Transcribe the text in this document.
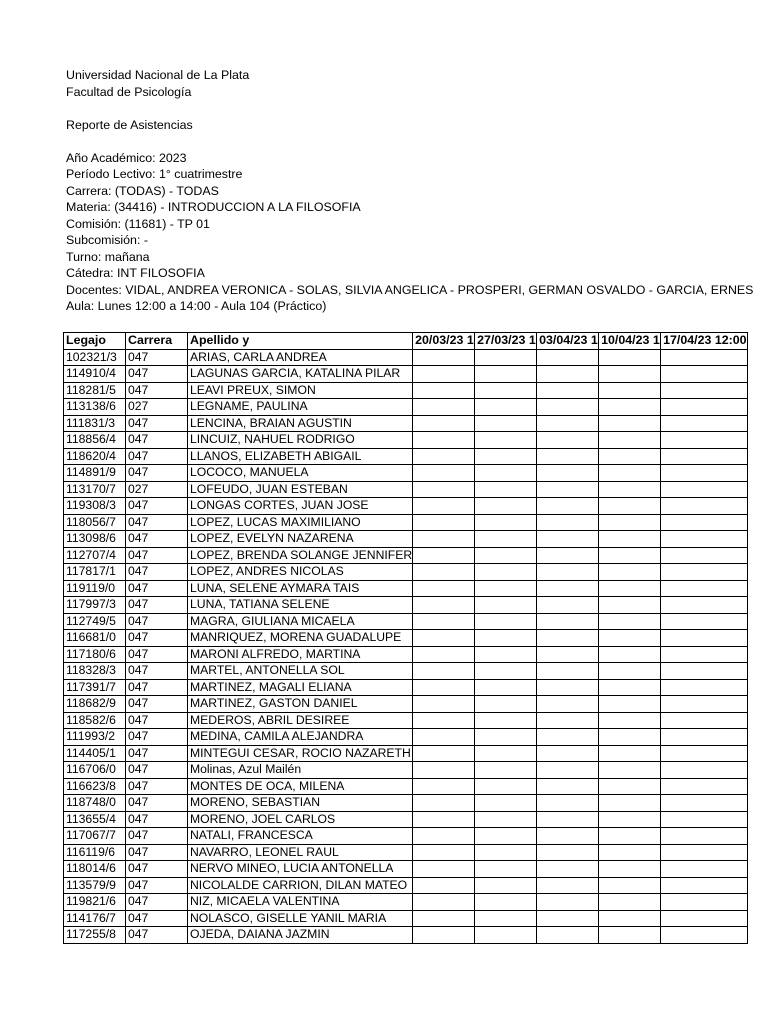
Universidad Nacional de La Plata
Facultad de Psicología
Reporte de Asistencias
Año Académico: 2023
Período Lectivo: 1° cuatrimestre
Carrera: (TODAS) - TODAS
Materia: (34416) - INTRODUCCION A LA FILOSOFIA
Comisión: (11681) - TP 01
Subcomisión: -
Turno: mañana
Cátedra: INT FILOSOFIA
Docentes: VIDAL, ANDREA VERONICA - SOLAS, SILVIA ANGELICA - PROSPERI, GERMAN OSVALDO - GARCIA, ERNES
Aula: Lunes 12:00 a 14:00 - Aula 104 (Práctico)
Legajo	Carrera	Apellido y	20/03/23 1	27/03/23 1	03/04/23 1	10/04/23 1	17/04/23 12:00
102321/3	047	ARIAS, CARLA ANDREA					
114910/4	047	LAGUNAS GARCIA, KATALINA PILAR					
118281/5	047	LEAVI PREUX, SIMON					
113138/6	027	LEGNAME, PAULINA					
111831/3	047	LENCINA, BRAIAN AGUSTIN					
118856/4	047	LINCUIZ, NAHUEL RODRIGO					
118620/4	047	LLANOS, ELIZABETH ABIGAIL					
114891/9	047	LOCOCO, MANUELA					
113170/7	027	LOFEUDO, JUAN ESTEBAN					
119308/3	047	LONGAS CORTES, JUAN JOSE					
118056/7	047	LOPEZ, LUCAS MAXIMILIANO					
113098/6	047	LOPEZ, EVELYN NAZARENA					
112707/4	047	LOPEZ, BRENDA SOLANGE JENNIFER					
117817/1	047	LOPEZ, ANDRES NICOLAS					
119119/0	047	LUNA, SELENE AYMARA TAIS					
117997/3	047	LUNA, TATIANA SELENE					
112749/5	047	MAGRA, GIULIANA MICAELA					
116681/0	047	MANRIQUEZ, MORENA GUADALUPE					
117180/6	047	MARONI ALFREDO, MARTINA					
118328/3	047	MARTEL, ANTONELLA SOL					
117391/7	047	MARTINEZ, MAGALI ELIANA					
118682/9	047	MARTINEZ, GASTON DANIEL					
118582/6	047	MEDEROS, ABRIL DESIREE					
111993/2	047	MEDINA, CAMILA ALEJANDRA					
114405/1	047	MINTEGUI CESAR, ROCIO NAZARETH					
116706/0	047	Molinas, Azul Mailén					
116623/8	047	MONTES DE OCA, MILENA					
118748/0	047	MORENO, SEBASTIAN					
113655/4	047	MORENO, JOEL CARLOS					
117067/7	047	NATALI, FRANCESCA					
116119/6	047	NAVARRO, LEONEL RAUL					
118014/6	047	NERVO MINEO, LUCIA ANTONELLA					
113579/9	047	NICOLALDE CARRION, DILAN MATEO					
119821/6	047	NIZ, MICAELA VALENTINA					
114176/7	047	NOLASCO, GISELLE YANIL MARIA					
117255/8	047	OJEDA, DAIANA JAZMIN					
